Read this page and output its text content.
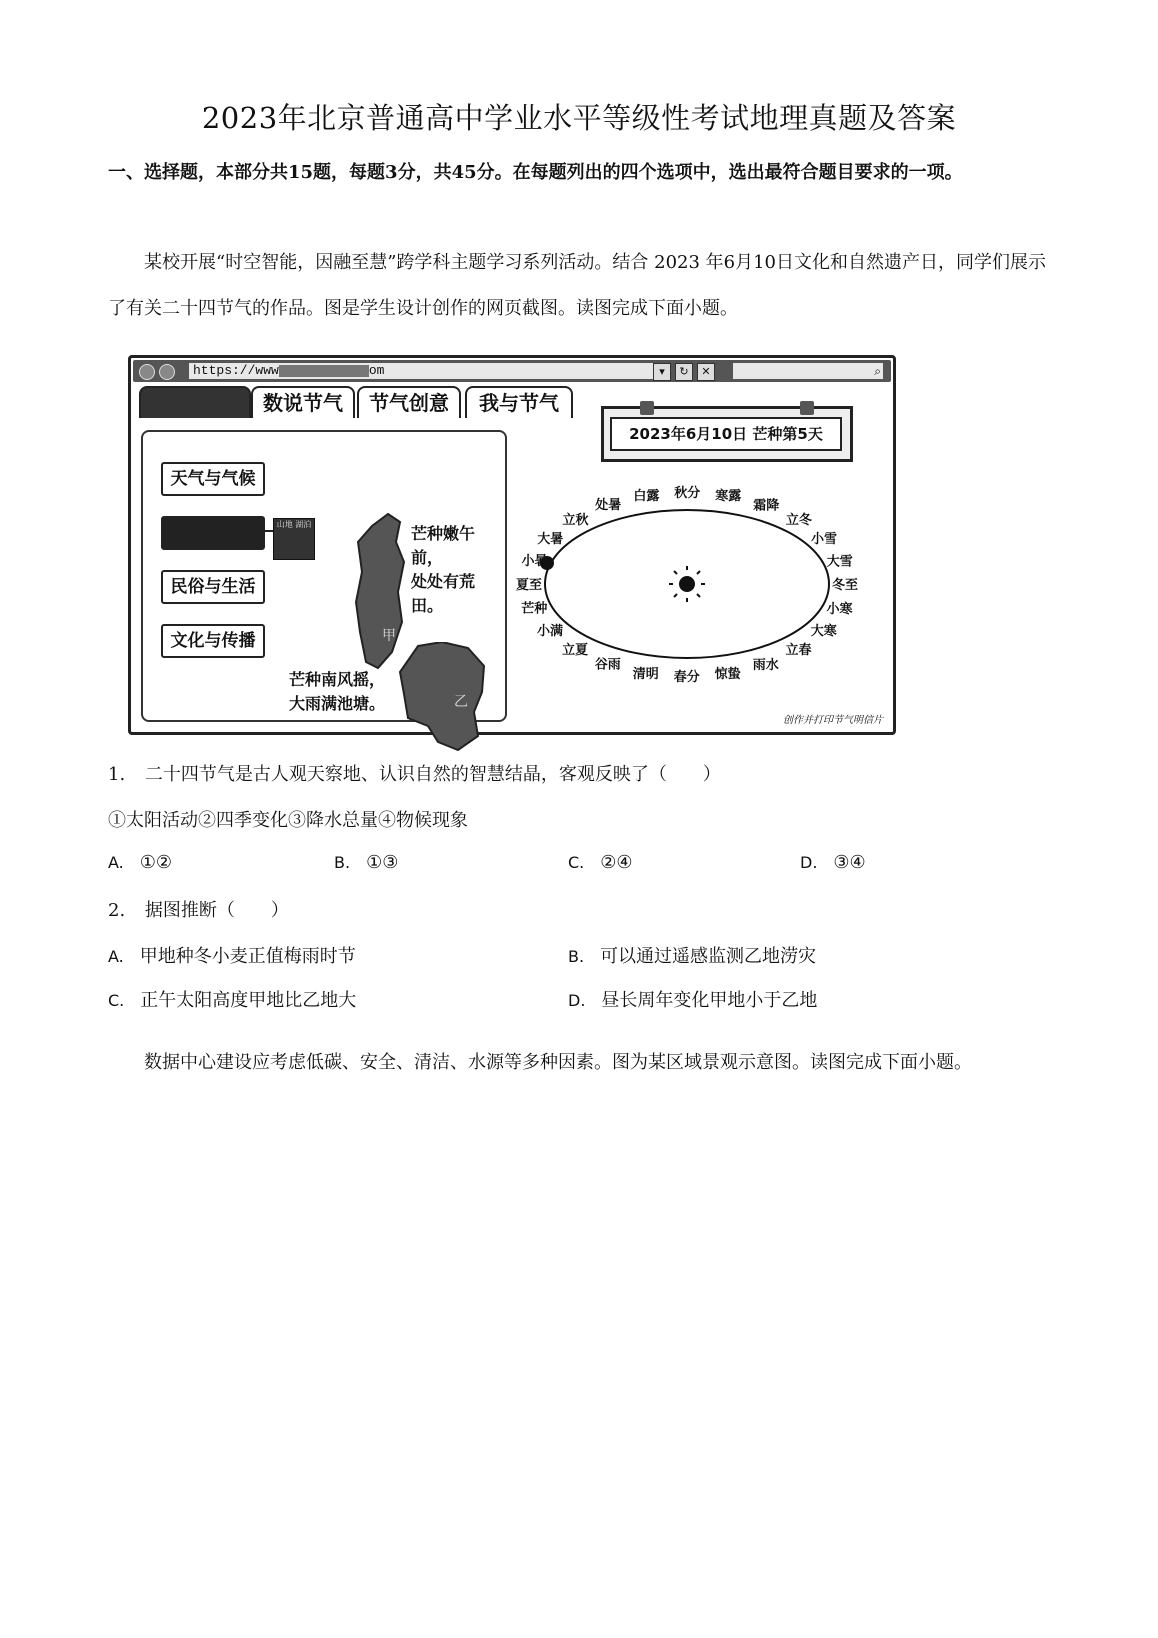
2023年北京普通高中学业水平等级性考试地理真题及答案
一、选择题，本部分共15题，每题3分，共45分。在每题列出的四个选项中，选出最符合题目要求的一项。
某校开展“时空智能，因融至慧”跨学科主题学习系列活动。结合 2023 年6月10日文化和自然遗产日，同学们展示了有关二十四节气的作品。图是学生设计创作的网页截图。读图完成下面小题。
https://www	om	▾	↻	✕	⌕
数说节气	节气创意	我与节气
天气与气候
民俗与生活
文化与传播
山地 湖泊
甲
芒种嫩午前，
处处有荒田。
乙
芒种南风摇，
大雨满池塘。
2023年6月10日 芒种第5天
芒种
夏至
小暑
大暑
立秋
处暑
白露 秋分 寒露
霜降
立冬
小雪
大雪
冬至
小寒
大寒
立春
雨水
惊蛰
春分
清明
谷雨
立夏
小满
创作并打印节气明信片
1. 二十四节气是古人观天察地、认识自然的智慧结晶，客观反映了（　　）
①太阳活动②四季变化③降水总量④物候现象
A. ①②	B. ①③	C. ②④	D. ③④
2. 据图推断（　　）
A. 甲地种冬小麦正值梅雨时节	B. 可以通过遥感监测乙地涝灾
C. 正午太阳高度甲地比乙地大	D. 昼长周年变化甲地小于乙地
数据中心建设应考虑低碳、安全、清洁、水源等多种因素。图为某区域景观示意图。读图完成下面小题。
